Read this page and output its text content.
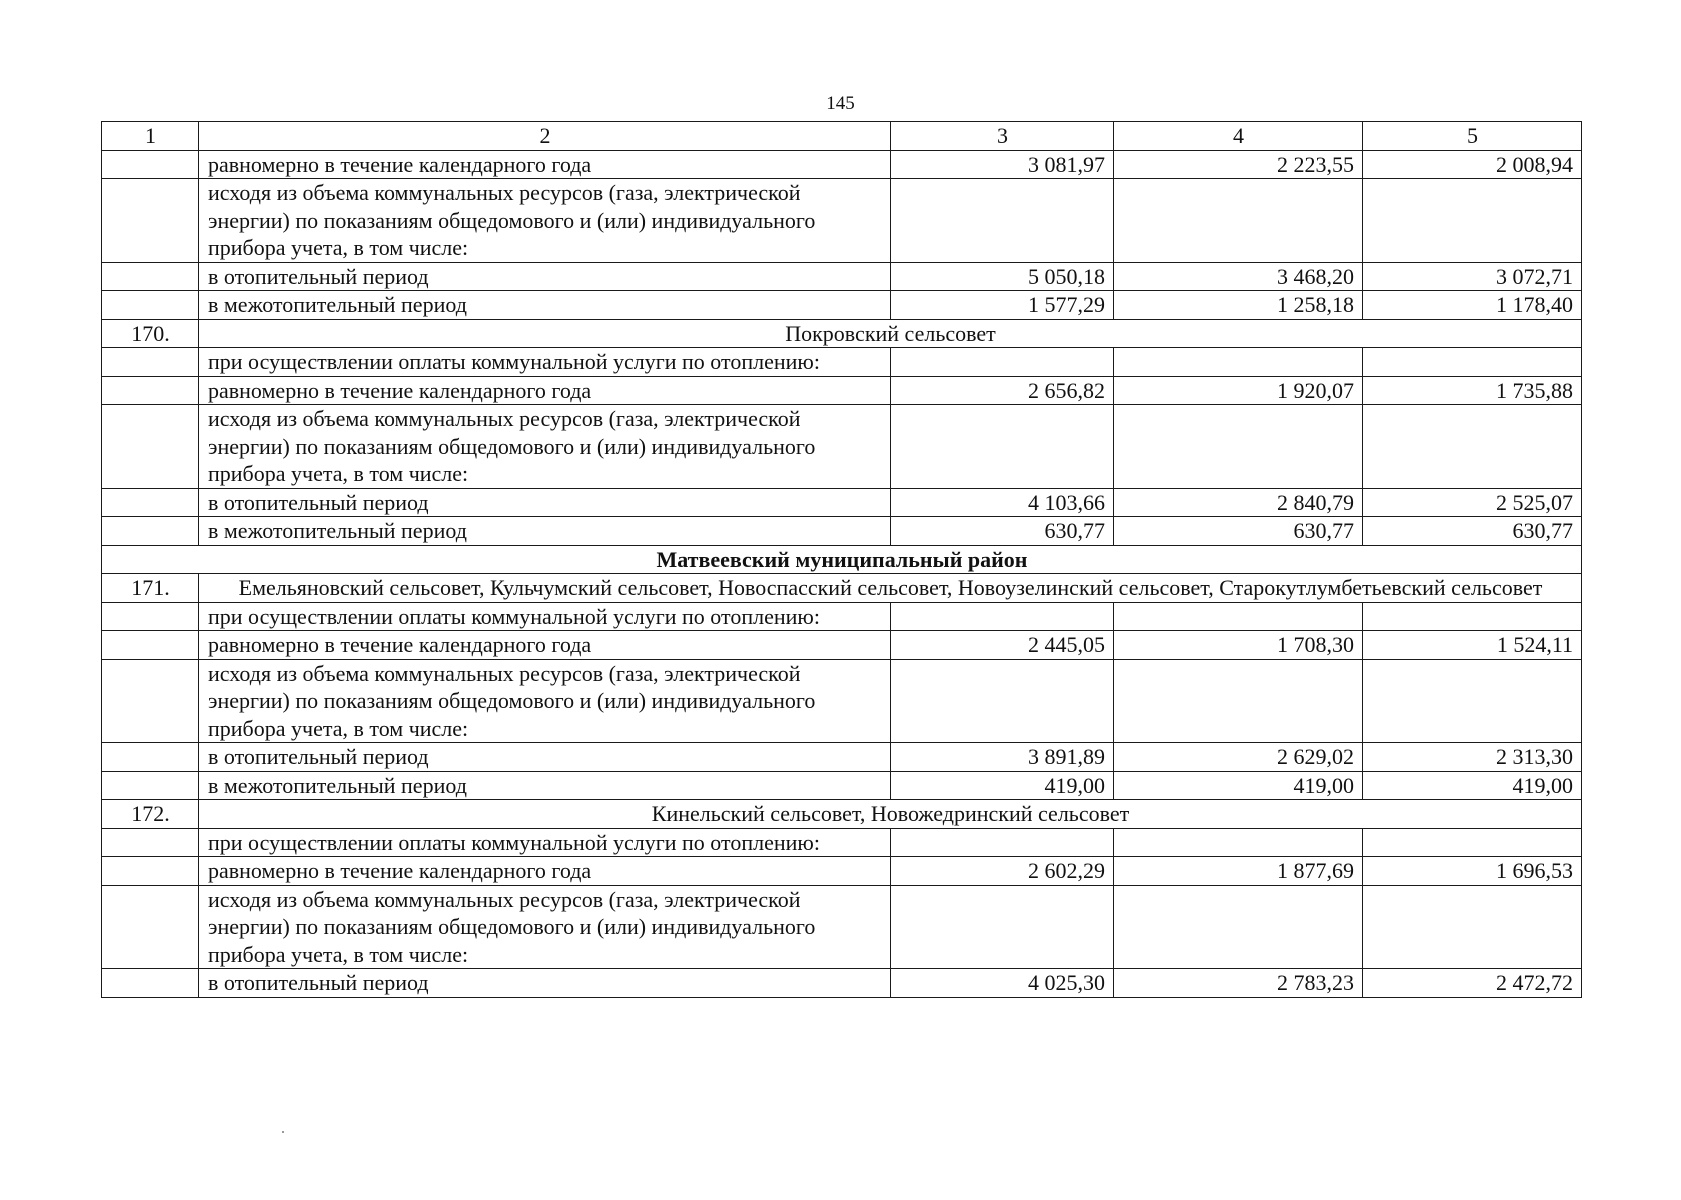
145
1	2	3	4	5
	равномерно в течение календарного года	3 081,97	2 223,55	2 008,94
	исходя из объема коммунальных ресурсов (газа, электрической энергии) по показаниям общедомового и (или) индивидуального прибора учета, в том числе:			
	в отопительный период	5 050,18	3 468,20	3 072,71
	в межотопительный период	1 577,29	1 258,18	1 178,40
170.	Покровский сельсовет			
	при осуществлении оплаты коммунальной услуги по отоплению:			
	равномерно в течение календарного года	2 656,82	1 920,07	1 735,88
	исходя из объема коммунальных ресурсов (газа, электрической энергии) по показаниям общедомового и (или) индивидуального прибора учета, в том числе:			
	в отопительный период	4 103,66	2 840,79	2 525,07
	в межотопительный период	630,77	630,77	630,77
Матвеевский муниципальный район				
171.	Емельяновский сельсовет, Кульчумский сельсовет, Новоспасский сельсовет, Новоузелинский сельсовет, Старокутлумбетьевский сельсовет			
	при осуществлении оплаты коммунальной услуги по отоплению:			
	равномерно в течение календарного года	2 445,05	1 708,30	1 524,11
	исходя из объема коммунальных ресурсов (газа, электрической энергии) по показаниям общедомового и (или) индивидуального прибора учета, в том числе:			
	в отопительный период	3 891,89	2 629,02	2 313,30
	в межотопительный период	419,00	419,00	419,00
172.	Кинельский сельсовет, Новожедринский сельсовет			
	при осуществлении оплаты коммунальной услуги по отоплению:			
	равномерно в течение календарного года	2 602,29	1 877,69	1 696,53
	исходя из объема коммунальных ресурсов (газа, электрической энергии) по показаниям общедомового и (или) индивидуального прибора учета, в том числе:			
	в отопительный период	4 025,30	2 783,23	2 472,72
